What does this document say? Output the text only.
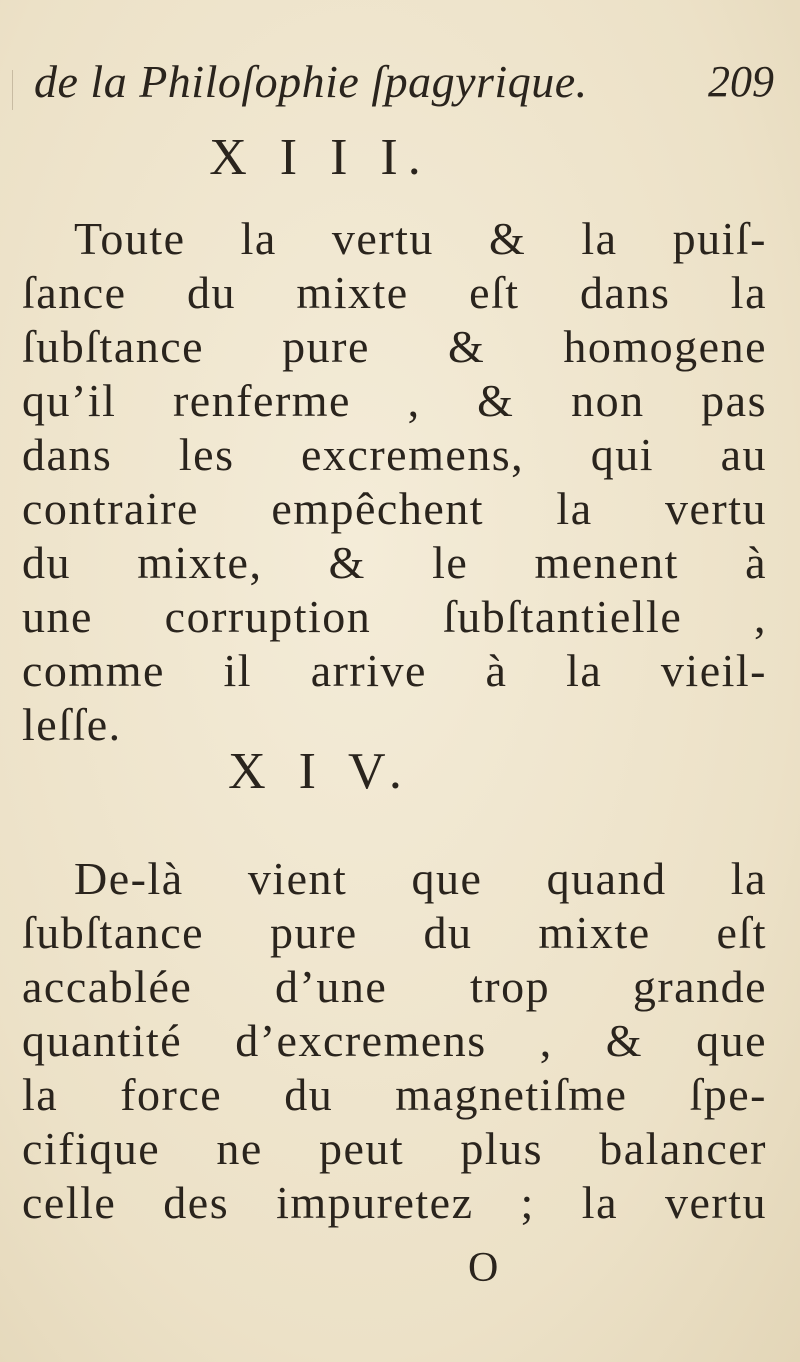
de la Philoſophie ſpagyrique.	209
X I I I.
Toute la vertu & la puiſ-
ſance du mixte eſt dans la
ſubſtance pure & homogene
qu’il renferme , & non pas
dans les excremens, qui au
contraire empêchent la vertu
du mixte, & le menent à
une corruption ſubſtantielle ,
comme il arrive à la vieil-
leſſe.
X I V.
De-là vient que quand la
ſubſtance pure du mixte eſt
accablée d’une trop grande
quantité d’excremens , & que
la force du magnetiſme ſpe-
cifique ne peut plus balancer
celle des impuretez ; la vertu
O
